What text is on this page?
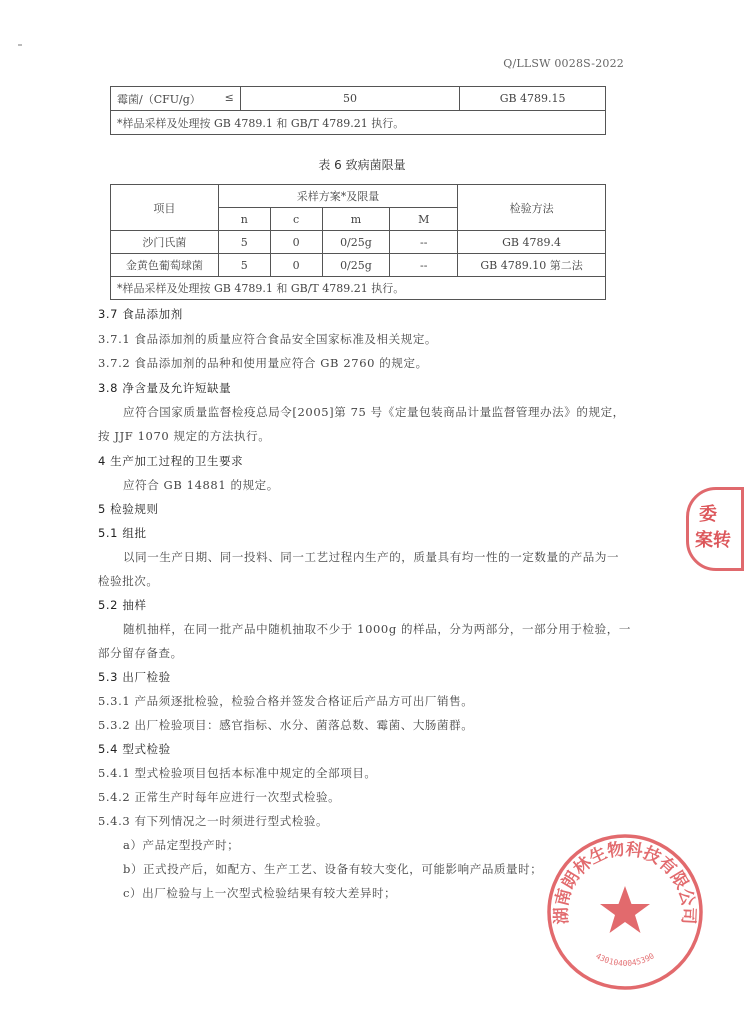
Q/LLSW 0028S-2022
霉菌/（CFU/g） ≤	50	GB 4789.15
*样品采样及处理按 GB 4789.1 和 GB/T 4789.21 执行。
表 6 致病菌限量
项目	采样方案*及限量				检验方法
	n	c	m	M	
沙门氏菌	5	0	0/25g	--	GB 4789.4
金黄色葡萄球菌	5	0	0/25g	--	GB 4789.10 第二法
*样品采样及处理按 GB 4789.1 和 GB/T 4789.21 执行。					
3.7 食品添加剂
3.7.1 食品添加剂的质量应符合食品安全国家标准及相关规定。
3.7.2 食品添加剂的品种和使用量应符合 GB 2760 的规定。
3.8 净含量及允许短缺量
应符合国家质量监督检疫总局令[2005]第 75 号《定量包装商品计量监督管理办法》的规定，
按 JJF 1070 规定的方法执行。
4 生产加工过程的卫生要求
应符合 GB 14881 的规定。
5 检验规则
5.1 组批
以同一生产日期、同一投料、同一工艺过程内生产的，质量具有均一性的一定数量的产品为一
检验批次。
5.2 抽样
随机抽样，在同一批产品中随机抽取不少于 1000g 的样品，分为两部分，一部分用于检验，一
部分留存备查。
5.3 出厂检验
5.3.1 产品须逐批检验，检验合格并签发合格证后产品方可出厂销售。
5.3.2 出厂检验项目：感官指标、水分、菌落总数、霉菌、大肠菌群。
5.4 型式检验
5.4.1 型式检验项目包括本标准中规定的全部项目。
5.4.2 正常生产时每年应进行一次型式检验。
5.4.3 有下列情况之一时须进行型式检验。
a）产品定型投产时；
b）正式投产后，如配方、生产工艺、设备有较大变化，可能影响产品质量时；
c）出厂检验与上一次型式检验结果有较大差异时；
委
案转
湖南朗林生物科技有限公司
4301040045390
